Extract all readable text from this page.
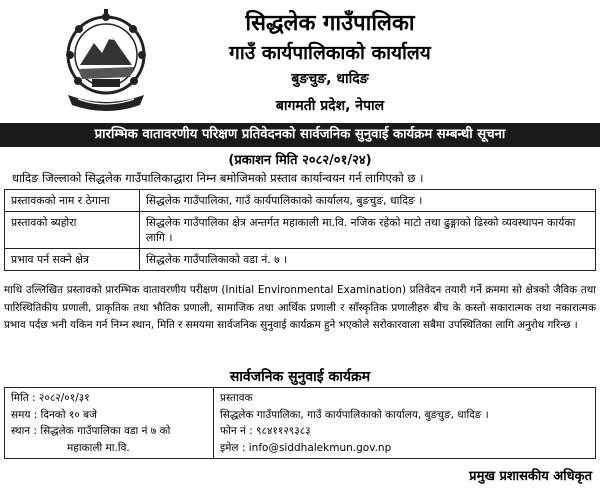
सिद्धलेक गाउँपालिका
गाउँ कार्यपालिकाको कार्यालय
बुङचुङ, धादिङ
बागमती प्रदेश, नेपाल
प्रारम्भिक वातावरणीय परिक्षण प्रतिवेदनको सार्वजनिक सुनुवाई कार्यक्रम सम्बन्धी सूचना
(प्रकाशन मिति २०८२/०१/२४)
धादिङ जिल्लाको सिद्धलेक गाउँपालिकाद्धारा निम्न बमोजिमको प्रस्ताव कार्यान्वयन गर्न लागिएको छ ।
प्रस्तावकको नाम र ठेगाना	सिद्धलेक गाउँपालिका, गाउँ कार्यपालिकाको कार्यालय, बुङचुङ, धादिङ ।
प्रस्तावको ब्यहोरा	सिद्धलेक गाउँपालिका क्षेत्र अन्तर्गत महाकाली मा.वि. नजिक रहेको माटो तथा ढुङ्गाको ढिस्को व्यवस्थापन कार्यका लागि ।
प्रभाव पर्न सक्ने क्षेत्र	सिद्धलेक गाउँपालिकाको वडा नं. ७ ।
माथि उल्लिखित प्रस्तावको प्रारम्भिक वातावरणीय परीक्षण (Initial Environmental Examination) प्रतिवेदन तयारी गर्ने क्रममा सो क्षेत्रको जैविक तथा पारिस्थितिकीय प्रणाली, प्राकृतिक तथा भौतिक प्रणाली, सामाजिक तथा आर्थिक प्रणाली र साँस्कृतिक प्रणालीहरु बीच के कस्तो सकारात्मक तथा नकारात्मक प्रभाव पर्दछ भनी यकिन गर्न निम्न स्थान, मिति र समयमा सार्वजनिक सुनुवाई कार्यक्रम हुने भएकोले सरोकारवाला सबैमा उपस्थितिका लागि अनुरोध गरिन्छ ।
सार्वजनिक सुनुवाई कार्यक्रम
मिति : २०८२/०१/३१
समय : दिनको १० बजे
स्थान : सिद्धलेक गाउँपालिका वडा नं ७ को
महाकाली मा.वि.

प्रस्तावक
सिद्धलेक गाउँपालिका, गाउँ कार्यपालिकाको कार्यालय, बुङचुङ, धादिङ ।
फोन नं : ९८४११२९३८३
इमेल : info@siddhalekmun.gov.np
प्रमुख प्रशासकीय अधिकृत
